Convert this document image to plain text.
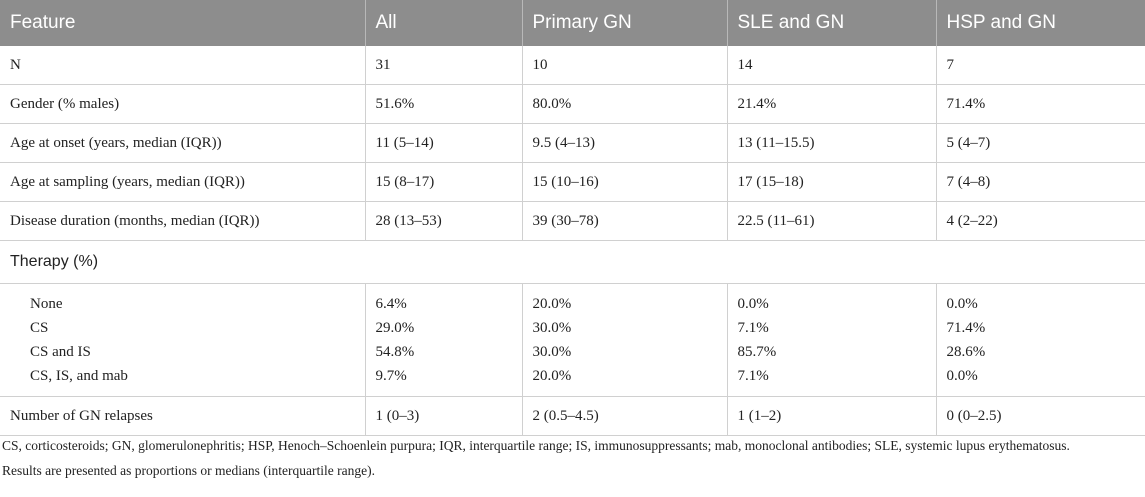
Feature	All	Primary GN	SLE and GN	HSP and GN
N	31	10	14	7
Gender (% males)	51.6%	80.0%	21.4%	71.4%
Age at onset (years, median (IQR))	11 (5–14)	9.5 (4–13)	13 (11–15.5)	5 (4–7)
Age at sampling (years, median (IQR))	15 (8–17)	15 (10–16)	17 (15–18)	7 (4–8)
Disease duration (months, median (IQR))	28 (13–53)	39 (30–78)	22.5 (11–61)	4 (2–22)
Therapy (%)				
None	6.4%	20.0%	0.0%	0.0%
CS	29.0%	30.0%	7.1%	71.4%
CS and IS	54.8%	30.0%	85.7%	28.6%
CS, IS, and mab	9.7%	20.0%	7.1%	0.0%
Number of GN relapses	1 (0–3)	2 (0.5–4.5)	1 (1–2)	0 (0–2.5)

CS, corticosteroids; GN, glomerulonephritis; HSP, Henoch–Schoenlein purpura; IQR, interquartile range; IS, immunosuppressants; mab, monoclonal antibodies; SLE, systemic lupus erythematosus.

Results are presented as proportions or medians (interquartile range).
